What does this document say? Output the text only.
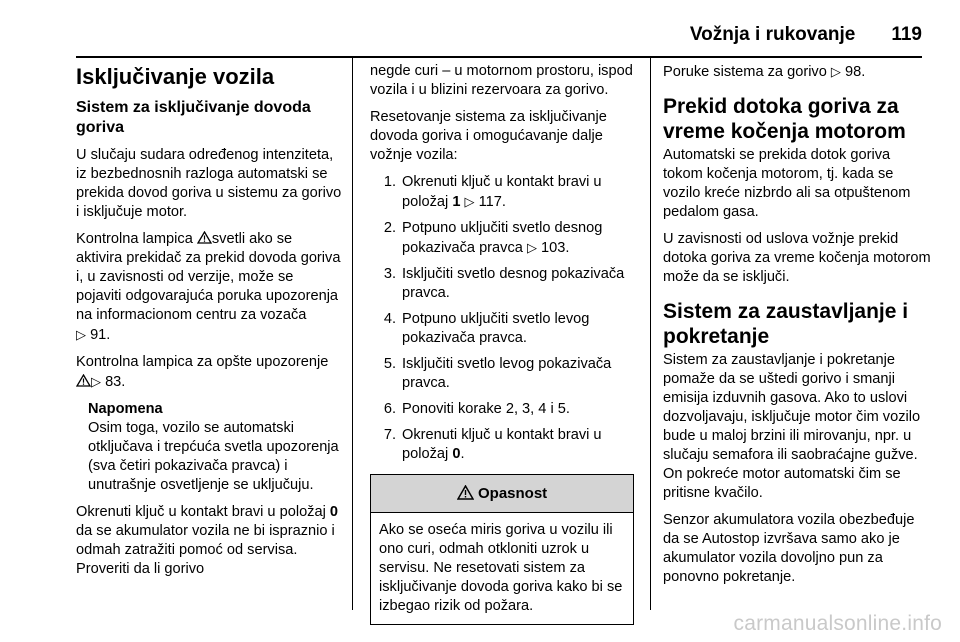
Vožnja i rukovanje 119
Isključivanje vozila
Sistem za isključivanje dovoda goriva

U slučaju sudara određenog intenziteta, iz bezbednosnih razloga automatski se prekida dovod goriva u sistemu za gorivo i isključuje motor.

Kontrolna lampica svetli ako se aktivira prekidač za prekid dovoda goriva i, u zavisnosti od verzije, može se pojaviti odgovarajuća poruka upozorenja na informacionom centru za vozača ▷ 91.

Kontrolna lampica za opšte upozorenje ▷ 83.

Napomena
Osim toga, vozilo se automatski otključava i trepćuća svetla upozorenja (sva četiri pokazivača pravca) i unutrašnje osvetljenje se uključuju.

Okrenuti ključ u kontakt bravi u položaj 0 da se akumulator vozila ne bi ispraznio i odmah zatražiti pomoć od servisa. Proveriti da li gorivo

negde curi – u motornom prostoru, ispod vozila i u blizini rezervoara za gorivo.

Resetovanje sistema za isključivanje dovoda goriva i omogućavanje dalje vožnje vozila:

1. Okrenuti ključ u kontakt bravi u položaj 1 ▷ 117.
2. Potpuno uključiti svetlo desnog pokazivača pravca ▷ 103.
3. Isključiti svetlo desnog pokazivača pravca.
4. Potpuno uključiti svetlo levog pokazivača pravca.
5. Isključiti svetlo levog pokazivača pravca.
6. Ponoviti korake 2, 3, 4 i 5.
7. Okrenuti ključ u kontakt bravi u položaj 0.
Opasnost
Ako se oseća miris goriva u vozilu ili ono curi, odmah otkloniti uzrok u servisu. Ne resetovati sistem za isključivanje dovoda goriva kako bi se izbegao rizik od požara.

Poruke sistema za gorivo ▷ 98.

Prekid dotoka goriva za vreme kočenja motorom

Automatski se prekida dotok goriva tokom kočenja motorom, tj. kada se vozilo kreće nizbrdo ali sa otpuštenom pedalom gasa.

U zavisnosti od uslova vožnje prekid dotoka goriva za vreme kočenja motorom može da se isključi.

Sistem za zaustavljanje i pokretanje

Sistem za zaustavljanje i pokretanje pomaže da se uštedi gorivo i smanji emisija izduvnih gasova. Ako to uslovi dozvoljavaju, isključuje motor čim vozilo bude u maloj brzini ili mirovanju, npr. u slučaju semafora ili saobraćajne gužve. On pokreće motor automatski čim se pritisne kvačilo.

Senzor akumulatora vozila obezbeđuje da se Autostop izvršava samo ako je akumulator vozila dovoljno pun za ponovno pokretanje.

carmanualsonline.info
